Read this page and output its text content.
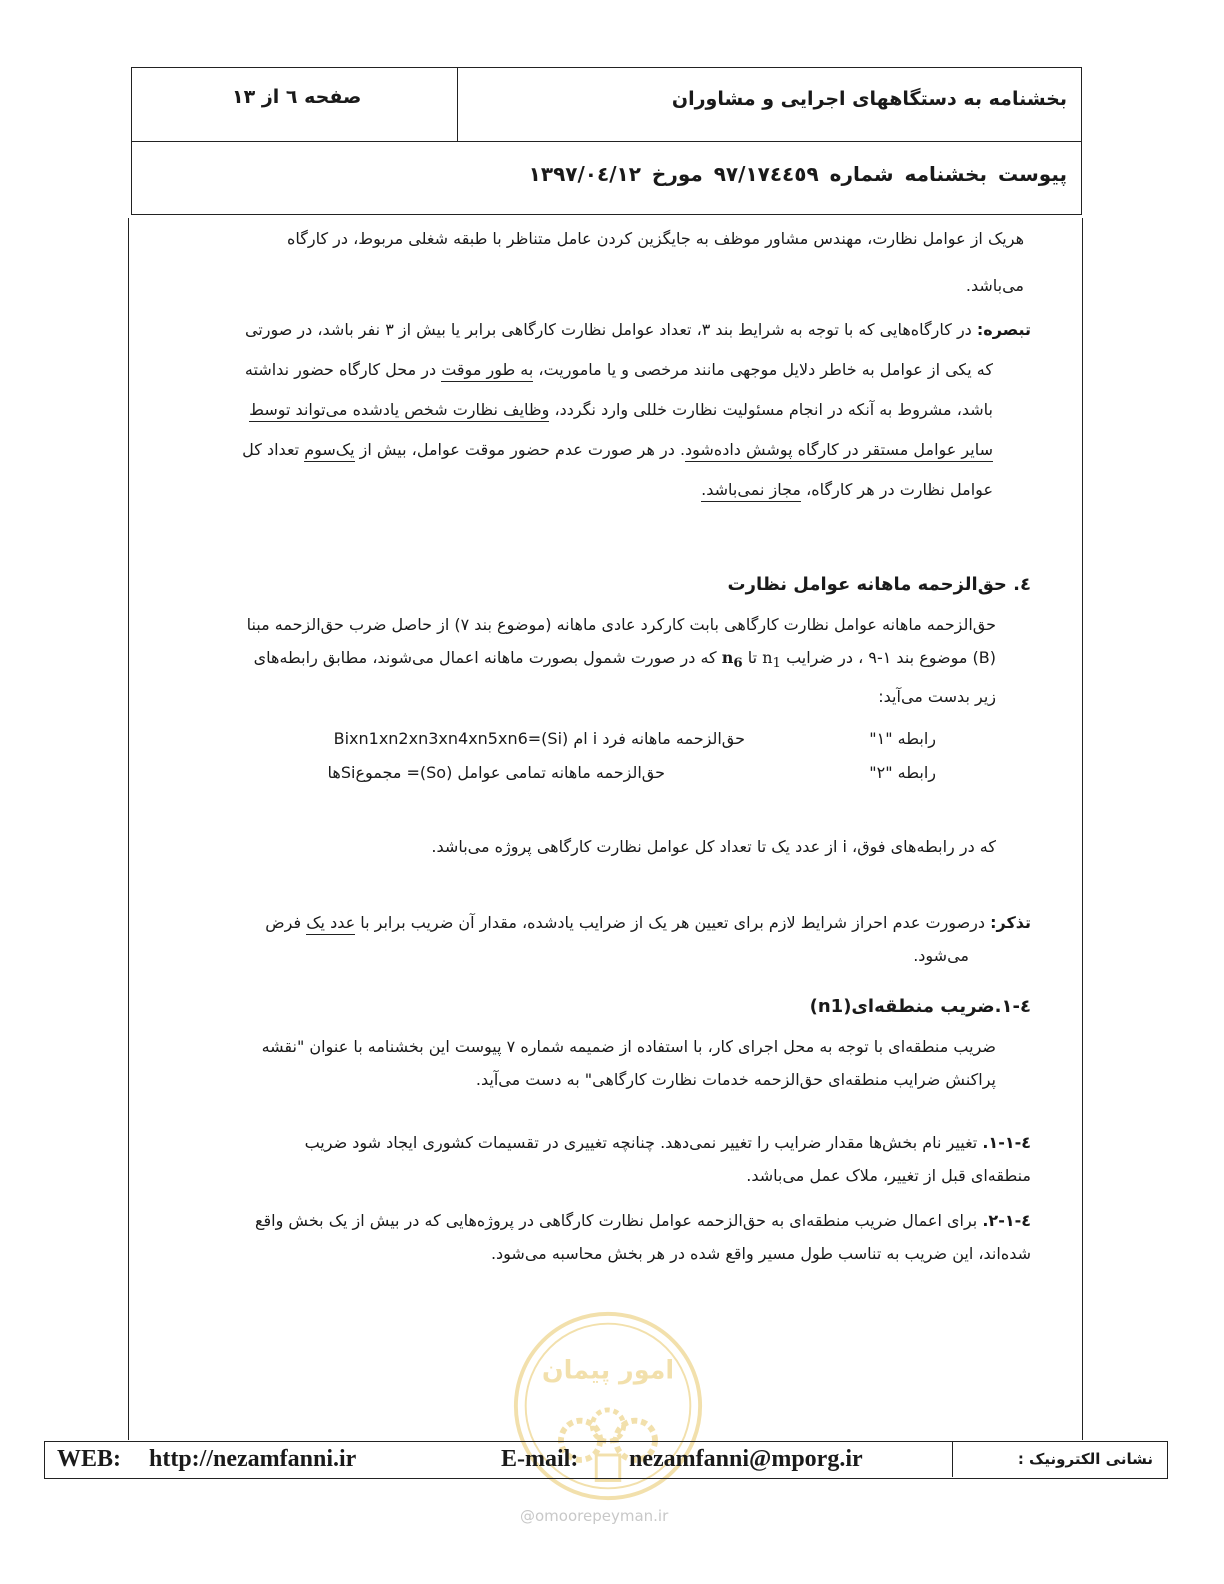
بخشنامه به دستگاههای اجرایی و مشاوران
صفحه ٦ از ١٣
پیوست بخشنامه شماره ٩٧/١٧٤٤٥٩ مورخ ١٣٩٧/٠٤/١٢
هریک از عوامل نظارت، مهندس مشاور موظف به جایگزین کردن عامل متناظر با طبقه شغلی مربوط، در کارگاه
می‌باشد.
تبصره: در کارگاه‌هایی که با توجه به شرایط بند ٣، تعداد عوامل نظارت کارگاهی برابر یا بیش از ٣ نفر باشد، در صورتی
که یکی از عوامل به خاطر دلایل موجهی مانند مرخصی و یا ماموریت، به طور موقت در محل کارگاه حضور نداشته
باشد، مشروط به آنکه در انجام مسئولیت نظارت خللی وارد نگردد، وظایف نظارت شخص یادشده می‌تواند توسط
سایر عوامل مستقر در کارگاه پوشش داده‌شود. در هر صورت عدم حضور موقت عوامل، بیش از یک‌سوم تعداد کل
عوامل نظارت در هر کارگاه، مجاز نمی‌باشد.
٤. حق‌الزحمه ماهانه عوامل نظارت
حق‌الزحمه ماهانه عوامل نظارت کارگاهی بابت کارکرد عادی ماهانه (موضوع بند ٧) از حاصل ضرب حق‌الزحمه مبنا
(B) موضوع بند ١-٩ ، در ضرایب $n_1$ تا $n_6$ که در صورت شمول بصورت ماهانه اعمال می‌شوند، مطابق رابطه‌های
زیر بدست می‌آید:
رابطه "١"
حق‌الزحمه ماهانه فرد i ام (Si)=Bixn1xn2xn3xn4xn5xn6
رابطه "٢"
حق‌الزحمه ماهانه تمامی عوامل (So)= مجموعSiها
که در رابطه‌های فوق، i از عدد یک تا تعداد کل عوامل نظارت کارگاهی پروژه می‌باشد.
تذکر: درصورت عدم احراز شرایط لازم برای تعیین هر یک از ضرایب یادشده، مقدار آن ضریب برابر با عدد یک فرض
می‌شود.
٤-١.ضریب منطقه‌ای(n1)
ضریب منطقه‌ای با توجه به محل اجرای کار، با استفاده از ضمیمه شماره ٧ پیوست این بخشنامه با عنوان "نقشه
پراکنش ضرایب منطقه‌ای حق‌الزحمه خدمات نظارت کارگاهی" به دست می‌آید.
٤-١-١. تغییر نام بخش‌ها مقدار ضرایب را تغییر نمی‌دهد. چنانچه تغییری در تقسیمات کشوری ایجاد شود ضریب
منطقه‌ای قبل از تغییر، ملاک عمل می‌باشد.
٤-١-٢. برای اعمال ضریب منطقه‌ای به حق‌الزحمه عوامل نظارت کارگاهی در پروژه‌هایی که در بیش از یک بخش واقع
شده‌اند، این ضریب به تناسب طول مسیر واقع شده در هر بخش محاسبه می‌شود.
امور پیمان
@omoorepeyman.ir
WEB: http://nezamfanni.ir	E-mail: nezamfanni@mporg.ir	نشانی الکترونیک :
